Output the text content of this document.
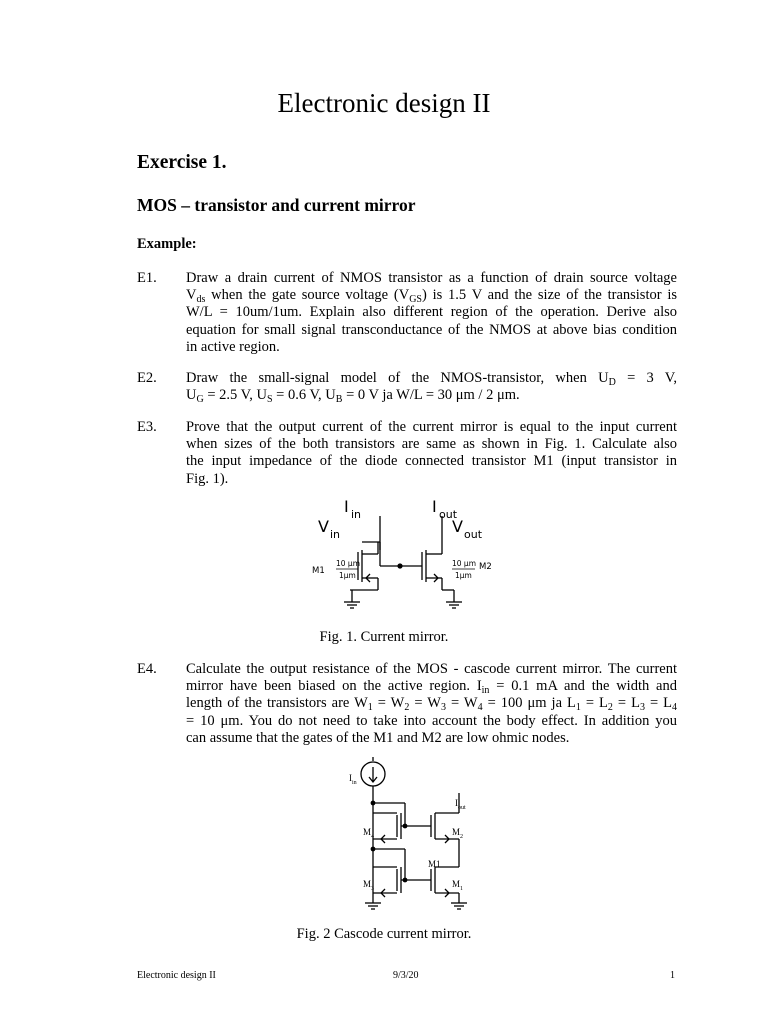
Electronic design II
Exercise 1.
MOS – transistor and current mirror
Example:
E1. Draw a drain current of NMOS transistor as a function of drain source voltage
$V_{ds}$ when the gate source voltage $(V_{GS})$ is 1.5 V and the size of the transistor is
W/L = 10um/1um. Explain also different region of the operation. Derive also
equation for small signal transconductance of the NMOS at above bias condition
in active region.
E2. Draw the small-signal model of the NMOS-transistor, when $U_D = 3$ V,
$U_G = 2.5$ V, $U_S = 0.6$ V, $U_B = 0$ V ja W/L = 30 μm / 2 μm.
E3. Prove that the output current of the current mirror is equal to the input current
when sizes of the both transistors are same as shown in Fig. 1. Calculate also
the input impedance of the diode connected transistor M1 (input transistor in
Fig. 1).
I in	I out
V in	V out
M1	M2
10 μm
1μm
10 μm
1μm

Fig. 1. Current mirror.

E4. Calculate the output resistance of the MOS - cascode current mirror. The current
mirror have been biased on the active region. $I_{in} = 0.1$ mA and the width and
length of the transistors are $W_1 = W_2 = W_3 = W_4 = 100$ μm ja $L_1 = L_2 = L_3 = L_4$
= 10 μm. You do not need to take into account the body effect. In addition you
can assume that the gates of the M1 and M2 are low ohmic nodes.
I in
I out
M 4	M 2
M1
M 3	M 1

Fig. 2 Cascode current mirror.

Electronic design II	9/3/20	1
